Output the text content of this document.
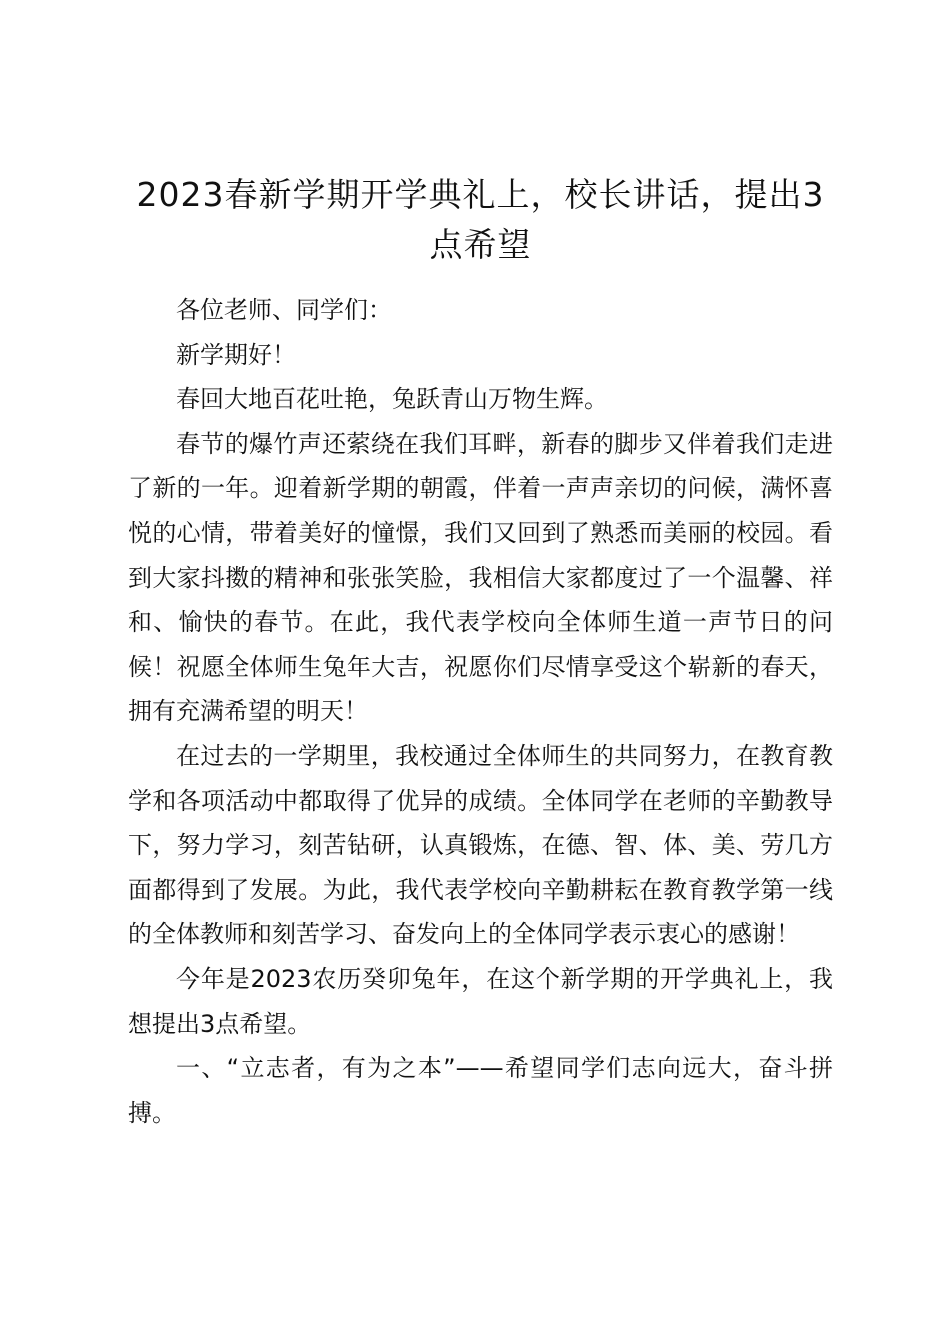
2023春新学期开学典礼上，校长讲话，提出3点希望

各位老师、同学们：

新学期好！

春回大地百花吐艳，兔跃青山万物生辉。

春节的爆竹声还萦绕在我们耳畔，新春的脚步又伴着我们走进了新的一年。迎着新学期的朝霞，伴着一声声亲切的问候，满怀喜悦的心情，带着美好的憧憬，我们又回到了熟悉而美丽的校园。看到大家抖擞的精神和张张笑脸，我相信大家都度过了一个温馨、祥和、愉快的春节。在此，我代表学校向全体师生道一声节日的问候！祝愿全体师生兔年大吉，祝愿你们尽情享受这个崭新的春天，拥有充满希望的明天！

在过去的一学期里，我校通过全体师生的共同努力，在教育教学和各项活动中都取得了优异的成绩。全体同学在老师的辛勤教导下，努力学习，刻苦钻研，认真锻炼，在德、智、体、美、劳几方面都得到了发展。为此，我代表学校向辛勤耕耘在教育教学第一线的全体教师和刻苦学习、奋发向上的全体同学表示衷心的感谢！

今年是2023农历癸卯兔年，在这个新学期的开学典礼上，我想提出3点希望。

一、“立志者，有为之本”——希望同学们志向远大，奋斗拼搏。
